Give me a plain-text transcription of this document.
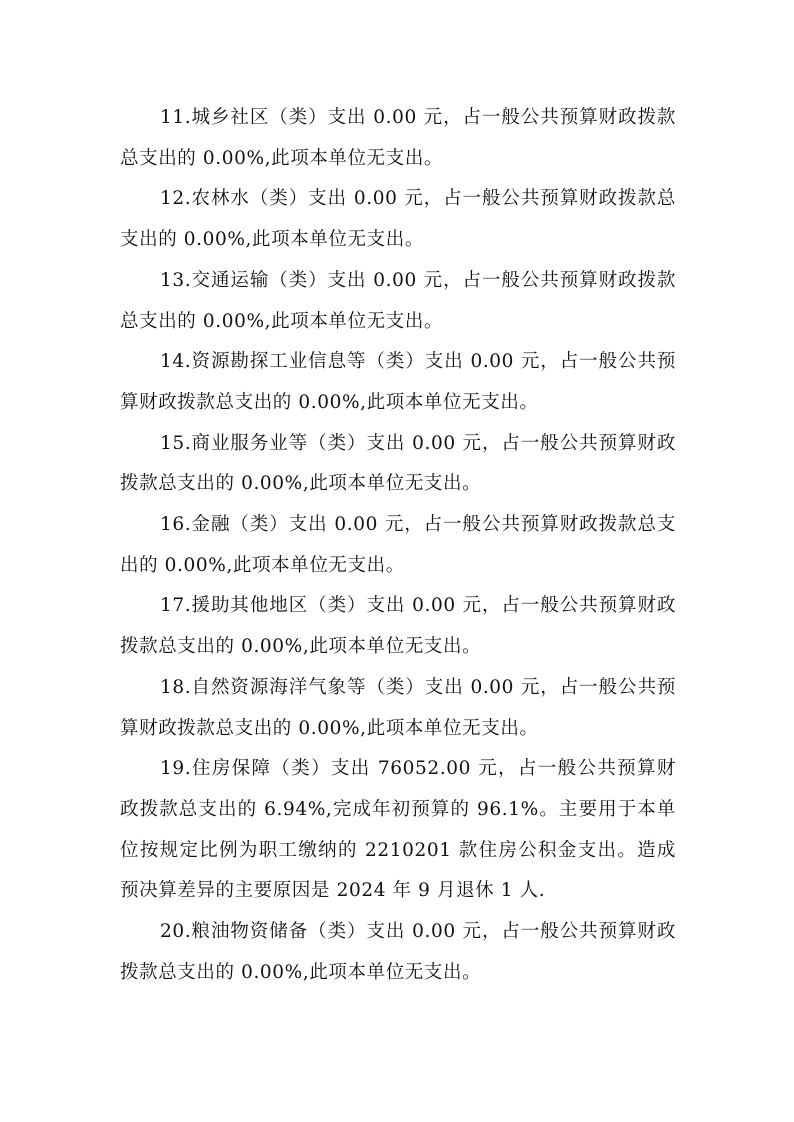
11.城乡社区（类）支出 0.00 元，占一般公共预算财政拨款总支出的 0.00%,此项本单位无支出。

12.农林水（类）支出 0.00 元，占一般公共预算财政拨款总支出的 0.00%,此项本单位无支出。

13.交通运输（类）支出 0.00 元，占一般公共预算财政拨款总支出的 0.00%,此项本单位无支出。

14.资源勘探工业信息等（类）支出 0.00 元，占一般公共预算财政拨款总支出的 0.00%,此项本单位无支出。

15.商业服务业等（类）支出 0.00 元，占一般公共预算财政拨款总支出的 0.00%,此项本单位无支出。

16.金融（类）支出 0.00 元，占一般公共预算财政拨款总支出的 0.00%,此项本单位无支出。

17.援助其他地区（类）支出 0.00 元，占一般公共预算财政拨款总支出的 0.00%,此项本单位无支出。

18.自然资源海洋气象等（类）支出 0.00 元，占一般公共预算财政拨款总支出的 0.00%,此项本单位无支出。

19.住房保障（类）支出 76052.00 元，占一般公共预算财政拨款总支出的 6.94%,完成年初预算的 96.1%。主要用于本单位按规定比例为职工缴纳的 2210201 款住房公积金支出。造成预决算差异的主要原因是 2024 年 9 月退休 1 人.

20.粮油物资储备（类）支出 0.00 元，占一般公共预算财政拨款总支出的 0.00%,此项本单位无支出。
